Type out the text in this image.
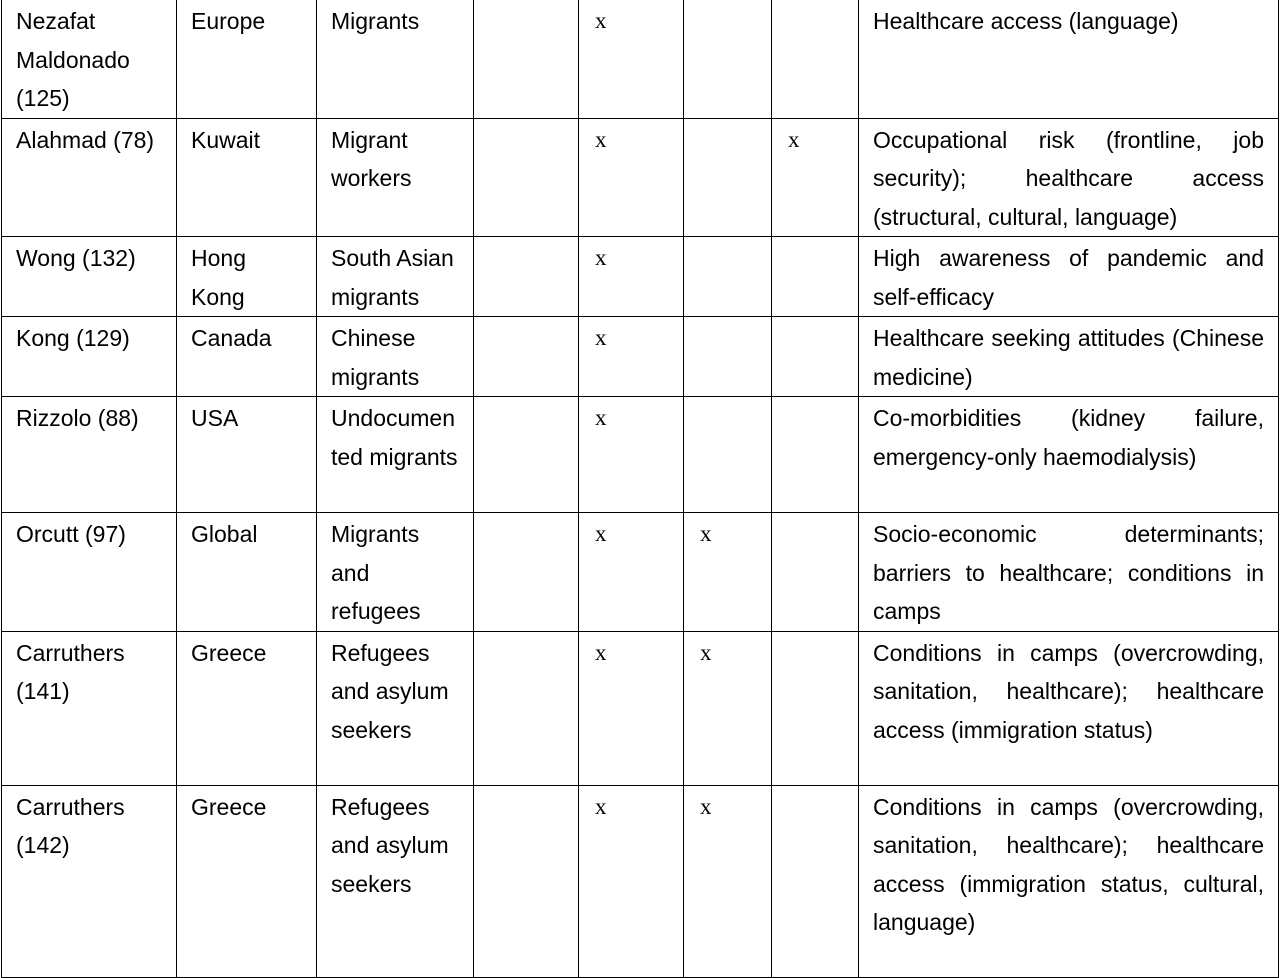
Nezafat Maldonado (125)	Europe	Migrants		x			Healthcare access (language)
Alahmad (78)	Kuwait	Migrant workers		x		x	Occupational risk (frontline, job security); healthcare access (structural, cultural, language)
Wong (132)	Hong Kong	South Asian migrants		x			High awareness of pandemic and self-efficacy
Kong (129)	Canada	Chinese migrants		x			Healthcare seeking attitudes (Chinese medicine)
Rizzolo (88)	USA	Undocumented migrants		x			Co-morbidities (kidney failure, emergency-only haemodialysis)
Orcutt (97)	Global	Migrants and refugees		x	x		Socio-economic determinants; barriers to healthcare; conditions in camps
Carruthers (141)	Greece	Refugees and asylum seekers		x	x		Conditions in camps (overcrowding, sanitation, healthcare); healthcare access (immigration status)
Carruthers (142)	Greece	Refugees and asylum seekers		x	x		Conditions in camps (overcrowding, sanitation, healthcare); healthcare access (immigration status, cultural, language)
